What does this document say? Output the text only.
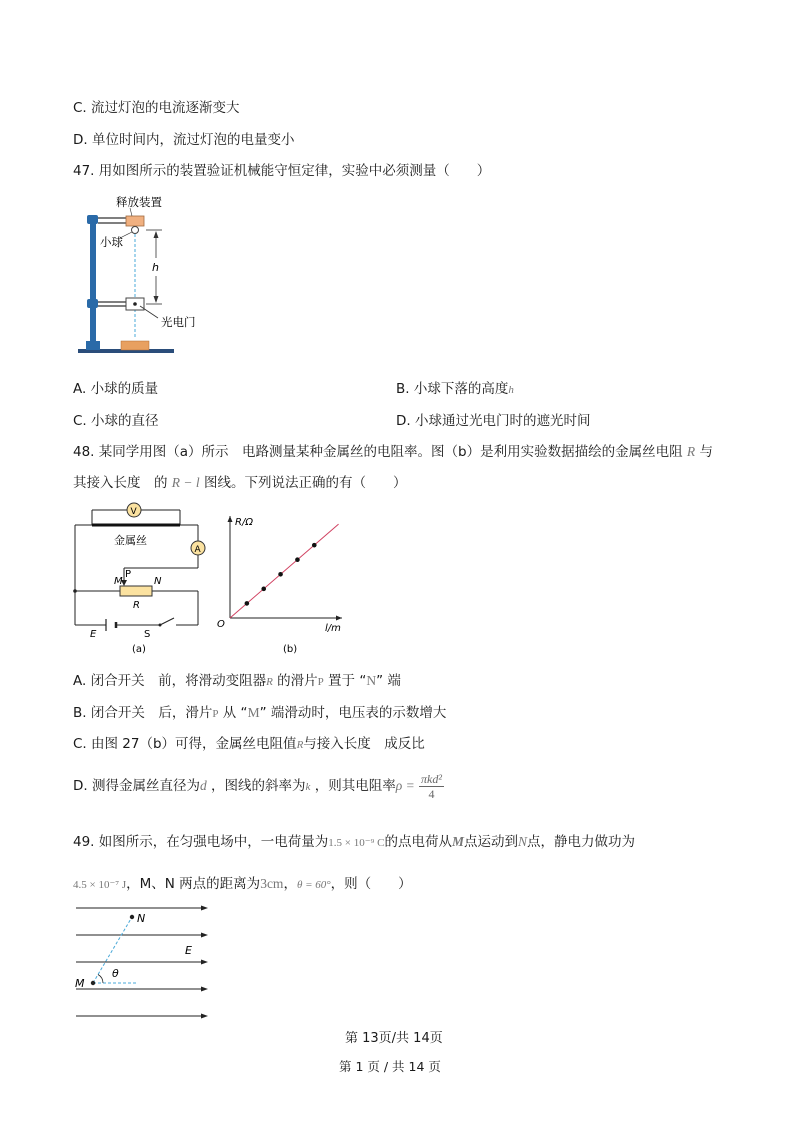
C. 流过灯泡的电流逐渐变大
D. 单位时间内，流过灯泡的电量变小
47. 用如图所示的装置验证机械能守恒定律，实验中必须测量（　　）
h
释放装置
小球
光电门
A. 小球的质量	B. 小球下落的高度h
C. 小球的直径	D. 小球通过光电门时的遮光时间
48. 某同学用图（a）所示　电路测量某种金属丝的电阻率。图（b）是利用实验数据描绘的金属丝电阻 R 与
其接入长度　的 R − l 图线。下列说法正确的有（　　）
V
A
金属丝
M
P
N
R
E	S
(a)
R/Ω
l/m
O
(b)
A. 闭合开关　前，将滑动变阻器R 的滑片P 置于 “N” 端
B. 闭合开关　后，滑片P 从 “M” 端滑动时，电压表的示数增大
C. 由图 27（b）可得，金属丝电阻值R与接入长度　成反比
D. 测得金属丝直径为d ，图线的斜率为k ，则其电阻率$\rho = \frac{\text{πkd²}}{4}$
49. 如图所示，在匀强电场中，一电荷量为1.5 × 10⁻⁹ C的点电荷从M点运动到N点，静电力做功为
4.5 × 10⁻⁷ J，M、N 两点的距离为3cm，θ = 60°，则（　　）
N
E
M
θ
第 13页/共 14页
第 1 页 / 共 14 页
